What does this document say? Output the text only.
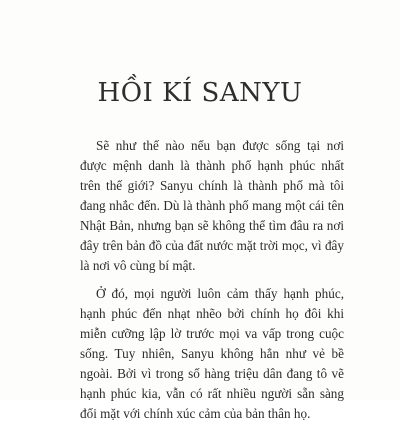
HỒI KÍ SANYU

Sẽ như thế nào nếu bạn được sống tại nơi được mệnh danh là thành phố hạnh phúc nhất trên thế giới? Sanyu chính là thành phố mà tôi đang nhắc đến. Dù là thành phố mang một cái tên Nhật Bản, nhưng bạn sẽ không thể tìm đâu ra nơi đây trên bản đồ của đất nước mặt trời mọc, vì đây là nơi vô cùng bí mật.

Ở đó, mọi người luôn cảm thấy hạnh phúc, hạnh phúc đến nhạt nhẽo bởi chính họ đôi khi miễn cưỡng lập lờ trước mọi va vấp trong cuộc sống. Tuy nhiên, Sanyu không hẳn như vẻ bề ngoài. Bởi vì trong số hàng triệu dân đang tô vẽ hạnh phúc kia, vẫn có rất nhiều người sẵn sàng đối mặt với chính xúc cảm của bản thân họ.
